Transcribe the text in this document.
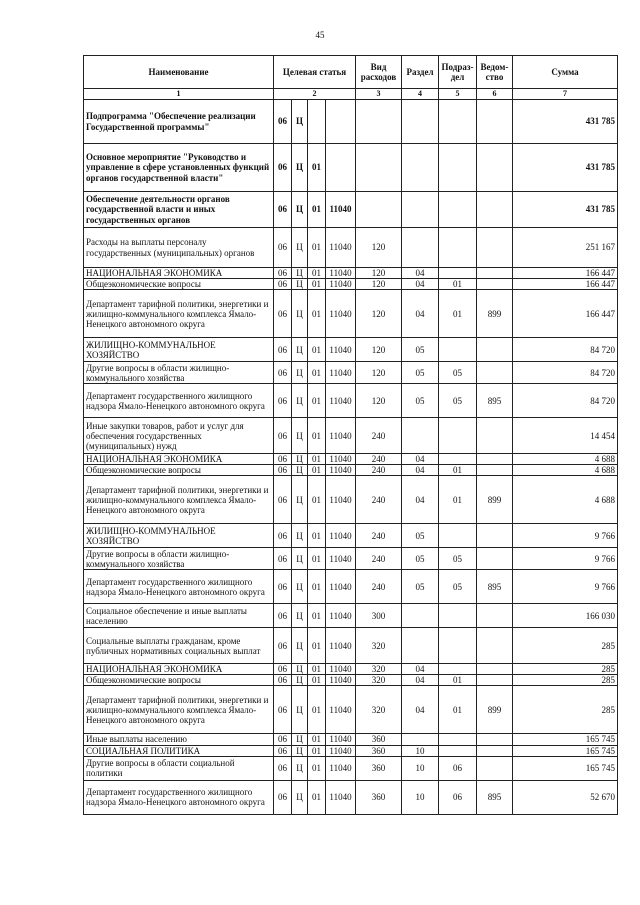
45
Наименование	Целевая статья				Вид расходов	Раздел	Подраз- дел	Ведом- ство	Сумма
1	2				3	4	5	6	7
Подпрограмма "Обеспечение реализации Государственной программы"	06	Ц							431 785
Основное мероприятие "Руководство и управление в сфере установленных функций органов государственной власти"	06	Ц	01						431 785
Обеспечение деятельности органов государственной власти и иных государственных органов	06	Ц	01	11040					431 785
Расходы на выплаты персоналу государственных (муниципальных) органов	06	Ц	01	11040	120				251 167
НАЦИОНАЛЬНАЯ ЭКОНОМИКА	06	Ц	01	11040	120	04			166 447
Общеэкономические вопросы	06	Ц	01	11040	120	04	01		166 447
Департамент тарифной политики, энергетики и жилищно-коммунального комплекса Ямало-Ненецкого автономного округа	06	Ц	01	11040	120	04	01	899	166 447
ЖИЛИЩНО-КОММУНАЛЬНОЕ ХОЗЯЙСТВО	06	Ц	01	11040	120	05			84 720
Другие вопросы в области жилищно-коммунального хозяйства	06	Ц	01	11040	120	05	05		84 720
Департамент государственного жилищного надзора Ямало-Ненецкого автономного округа	06	Ц	01	11040	120	05	05	895	84 720
Иные закупки товаров, работ и услуг для обеспечения государственных (муниципальных) нужд	06	Ц	01	11040	240				14 454
НАЦИОНАЛЬНАЯ ЭКОНОМИКА	06	Ц	01	11040	240	04			4 688
Общеэкономические вопросы	06	Ц	01	11040	240	04	01		4 688
Департамент тарифной политики, энергетики и жилищно-коммунального комплекса Ямало-Ненецкого автономного округа	06	Ц	01	11040	240	04	01	899	4 688
ЖИЛИЩНО-КОММУНАЛЬНОЕ ХОЗЯЙСТВО	06	Ц	01	11040	240	05			9 766
Другие вопросы в области жилищно-коммунального хозяйства	06	Ц	01	11040	240	05	05		9 766
Департамент государственного жилищного надзора Ямало-Ненецкого автономного округа	06	Ц	01	11040	240	05	05	895	9 766
Социальное обеспечение и иные выплаты населению	06	Ц	01	11040	300				166 030
Социальные выплаты гражданам, кроме публичных нормативных социальных выплат	06	Ц	01	11040	320				285
НАЦИОНАЛЬНАЯ ЭКОНОМИКА	06	Ц	01	11040	320	04			285
Общеэкономические вопросы	06	Ц	01	11040	320	04	01		285
Департамент тарифной политики, энергетики и жилищно-коммунального комплекса Ямало-Ненецкого автономного округа	06	Ц	01	11040	320	04	01	899	285
Иные выплаты населению	06	Ц	01	11040	360				165 745
СОЦИАЛЬНАЯ ПОЛИТИКА	06	Ц	01	11040	360	10			165 745
Другие вопросы в области социальной политики	06	Ц	01	11040	360	10	06		165 745
Департамент государственного жилищного надзора Ямало-Ненецкого автономного округа	06	Ц	01	11040	360	10	06	895	52 670
